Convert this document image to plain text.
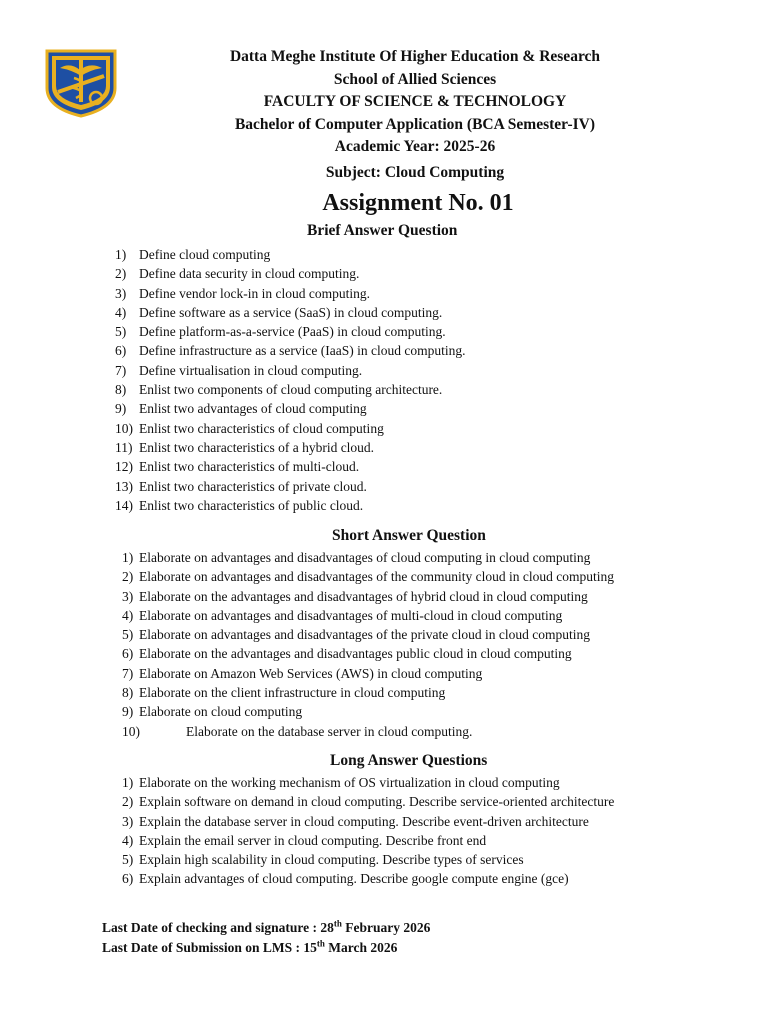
Datta Meghe Institute Of Higher Education & Research
School of Allied Sciences
FACULTY OF SCIENCE & TECHNOLOGY
Bachelor of Computer Application (BCA Semester-IV)
Academic Year: 2025-26
Subject: Cloud Computing
Assignment No. 01
Brief Answer Question
1) Define cloud computing
2) Define data security in cloud computing.
3) Define vendor lock-in in cloud computing.
4) Define software as a service (SaaS) in cloud computing.
5) Define platform-as-a-service (PaaS) in cloud computing.
6) Define infrastructure as a service (IaaS) in cloud computing.
7) Define virtualisation in cloud computing.
8) Enlist two components of cloud computing architecture.
9) Enlist two advantages of cloud computing
10) Enlist two characteristics of cloud computing
11) Enlist two characteristics of a hybrid cloud.
12) Enlist two characteristics of multi-cloud.
13) Enlist two characteristics of private cloud.
14) Enlist two characteristics of public cloud.
Short Answer Question
1) Elaborate on advantages and disadvantages of cloud computing in cloud computing
2) Elaborate on advantages and disadvantages of the community cloud in cloud computing
3) Elaborate on the advantages and disadvantages of hybrid cloud in cloud computing
4) Elaborate on advantages and disadvantages of multi-cloud in cloud computing
5) Elaborate on advantages and disadvantages of the private cloud in cloud computing
6) Elaborate on the advantages and disadvantages public cloud in cloud computing
7) Elaborate on Amazon Web Services (AWS) in cloud computing
8) Elaborate on the client infrastructure in cloud computing
9) Elaborate on cloud computing
10)	Elaborate on the database server in cloud computing.
Long Answer Questions
1) Elaborate on the working mechanism of OS virtualization in cloud computing
2) Explain software on demand in cloud computing. Describe service-oriented architecture
3) Explain the database server in cloud computing. Describe event-driven architecture
4) Explain the email server in cloud computing. Describe front end
5) Explain high scalability in cloud computing. Describe types of services
6) Explain advantages of cloud computing. Describe google compute engine (gce)
Last Date of checking and signature : 28th February 2026
Last Date of Submission on LMS : 15th March 2026
